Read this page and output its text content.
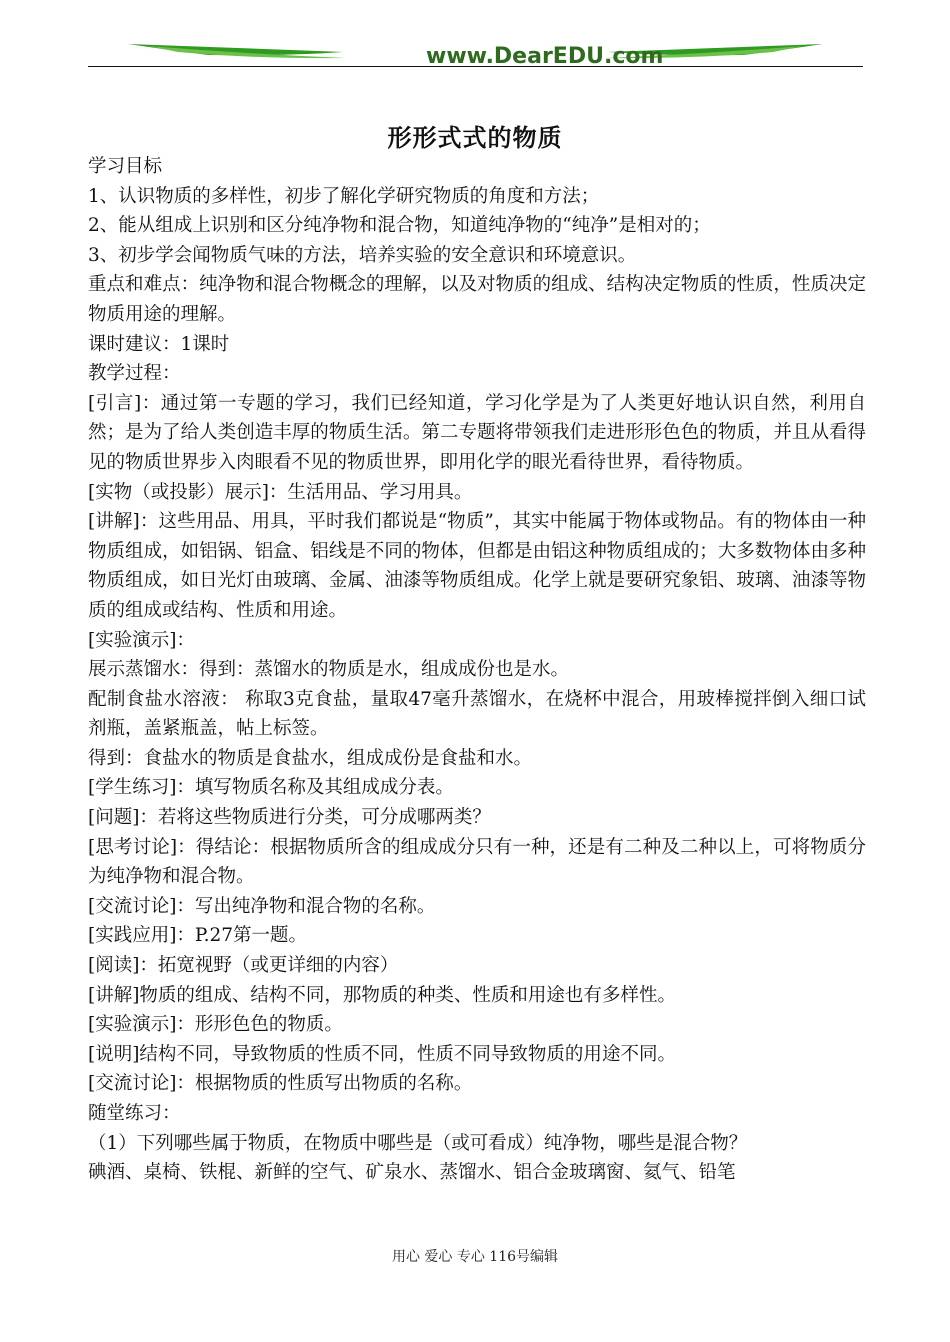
www.DearEDU.com
形形式式的物质

学习目标

1、认识物质的多样性，初步了解化学研究物质的角度和方法；

2、能从组成上识别和区分纯净物和混合物，知道纯净物的“纯净”是相对的；

3、初步学会闻物质气味的方法，培养实验的安全意识和环境意识。

重点和难点：纯净物和混合物概念的理解，以及对物质的组成、结构决定物质的性质，性质决定物质用途的理解。

课时建议：1课时

教学过程：

[引言]：通过第一专题的学习，我们已经知道，学习化学是为了人类更好地认识自然，利用自然；是为了给人类创造丰厚的物质生活。第二专题将带领我们走进形形色色的物质，并且从看得见的物质世界步入肉眼看不见的物质世界，即用化学的眼光看待世界，看待物质。

[实物（或投影）展示]：生活用品、学习用具。

[讲解]：这些用品、用具，平时我们都说是“物质”，其实中能属于物体或物品。有的物体由一种物质组成，如铝锅、铝盒、铝线是不同的物体，但都是由铝这种物质组成的；大多数物体由多种物质组成，如日光灯由玻璃、金属、油漆等物质组成。化学上就是要研究象铝、玻璃、油漆等物质的组成或结构、性质和用途。

[实验演示]：

展示蒸馏水：得到：蒸馏水的物质是水，组成成份也是水。

配制食盐水溶液： 称取3克食盐，量取47毫升蒸馏水，在烧杯中混合，用玻棒搅拌倒入细口试剂瓶，盖紧瓶盖，帖上标签。

得到：食盐水的物质是食盐水，组成成份是食盐和水。

[学生练习]：填写物质名称及其组成成分表。

[问题]：若将这些物质进行分类，可分成哪两类？

[思考讨论]：得结论：根据物质所含的组成成分只有一种，还是有二种及二种以上，可将物质分为纯净物和混合物。

[交流讨论]：写出纯净物和混合物的名称。

[实践应用]：P.27第一题。

[阅读]：拓宽视野（或更详细的内容）

[讲解]物质的组成、结构不同，那物质的种类、性质和用途也有多样性。

[实验演示]：形形色色的物质。

[说明]结构不同，导致物质的性质不同，性质不同导致物质的用途不同。

[交流讨论]：根据物质的性质写出物质的名称。

随堂练习：

（1）下列哪些属于物质，在物质中哪些是（或可看成）纯净物，哪些是混合物？

碘酒、桌椅、铁棍、新鲜的空气、矿泉水、蒸馏水、铝合金玻璃窗、氦气、铅笔

用心 爱心 专心 116号编辑
